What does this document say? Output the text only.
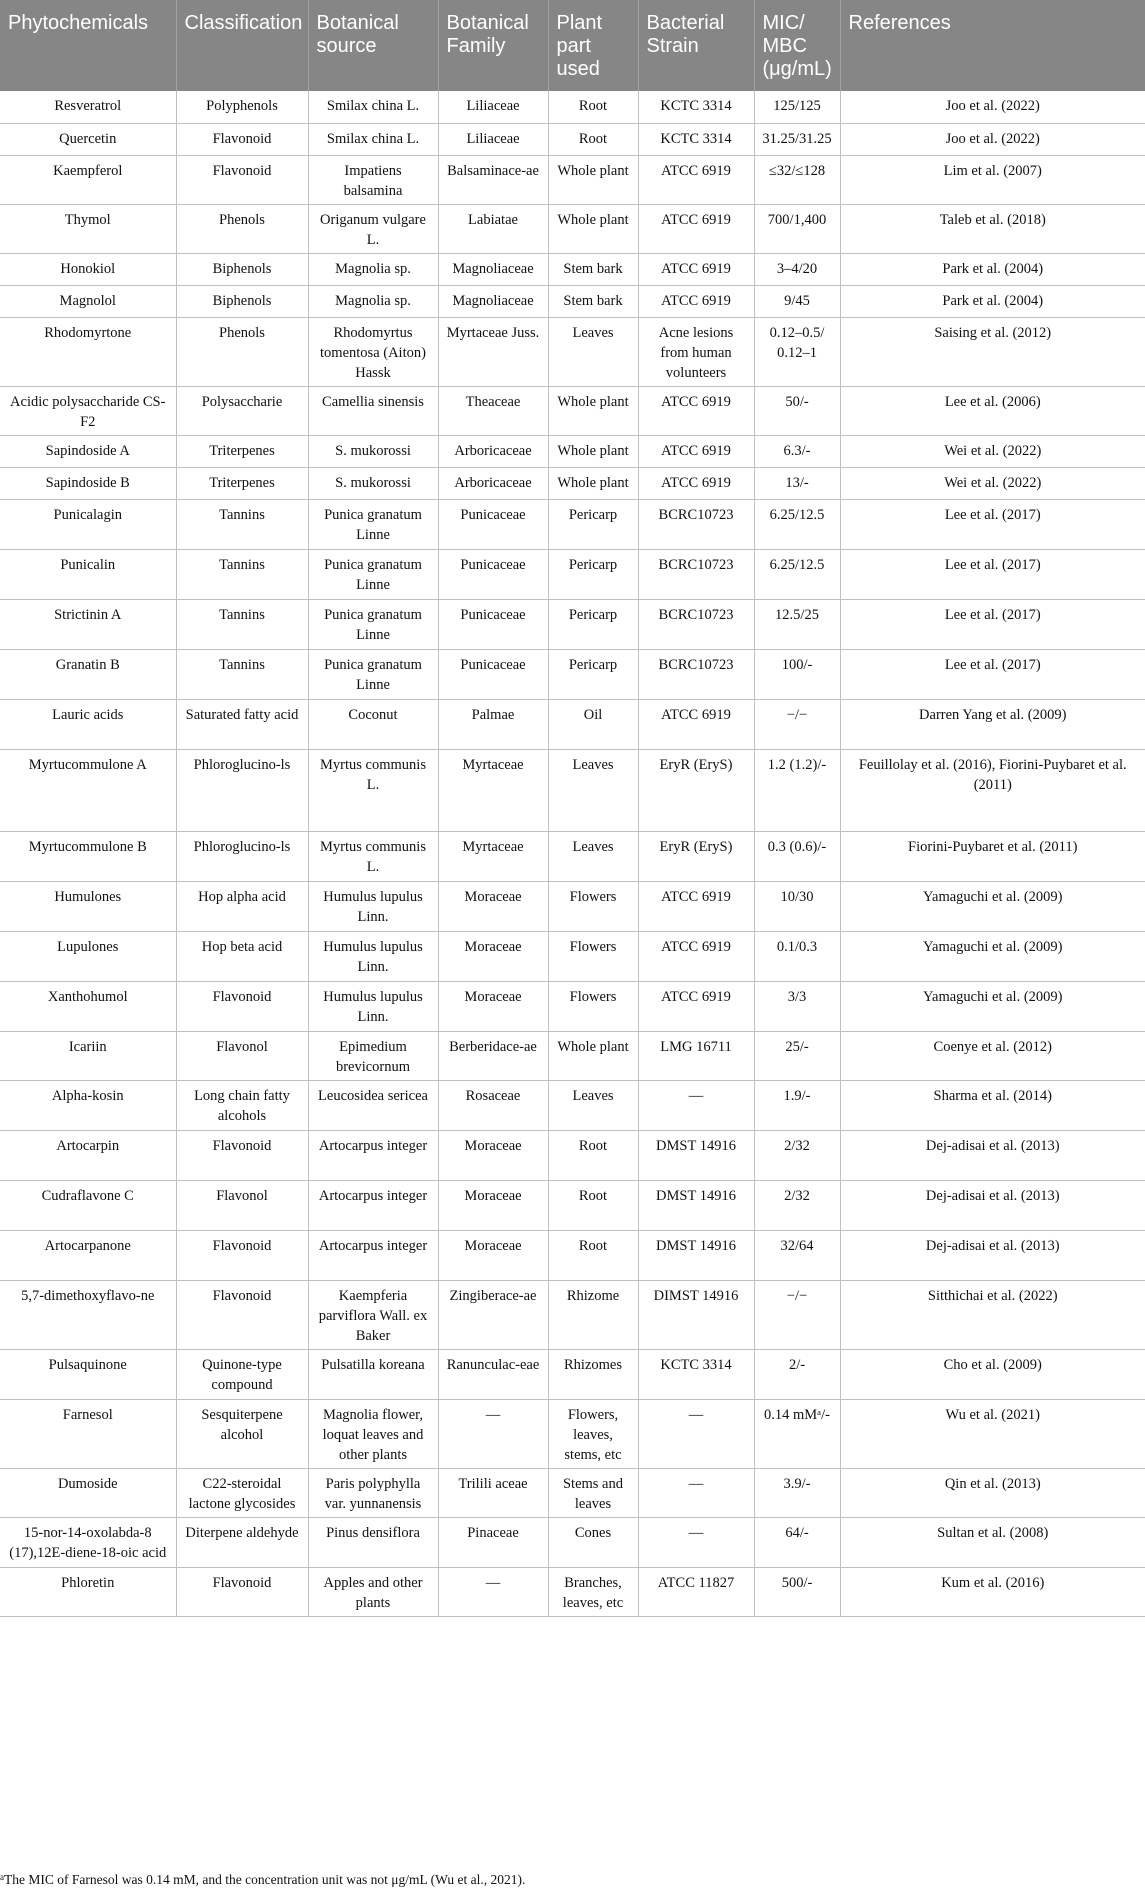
Phytochemicals	Classification	Botanical source	Botanical Family	Plant part used	Bacterial Strain	MIC/ MBC (μg/mL)	References
Resveratrol	Polyphenols	Smilax china L.	Liliaceae	Root	KCTC 3314	125/125	Joo et al. (2022)
Quercetin	Flavonoid	Smilax china L.	Liliaceae	Root	KCTC 3314	31.25/31.25	Joo et al. (2022)
Kaempferol	Flavonoid	Impatiens balsamina	Balsaminace-ae	Whole plant	ATCC 6919	≤32/≤128	Lim et al. (2007)
Thymol	Phenols	Origanum vulgare L.	Labiatae	Whole plant	ATCC 6919	700/1,400	Taleb et al. (2018)
Honokiol	Biphenols	Magnolia sp.	Magnoliaceae	Stem bark	ATCC 6919	3–4/20	Park et al. (2004)
Magnolol	Biphenols	Magnolia sp.	Magnoliaceae	Stem bark	ATCC 6919	9/45	Park et al. (2004)
Rhodomyrtone	Phenols	Rhodomyrtus tomentosa (Aiton) Hassk	Myrtaceae Juss.	Leaves	Acne lesions from human volunteers	0.12–0.5/ 0.12–1	Saising et al. (2012)
Acidic polysaccharide CS-F2	Polysaccharie	Camellia sinensis	Theaceae	Whole plant	ATCC 6919	50/-	Lee et al. (2006)
Sapindoside A	Triterpenes	S. mukorossi	Arboricaceae	Whole plant	ATCC 6919	6.3/-	Wei et al. (2022)
Sapindoside B	Triterpenes	S. mukorossi	Arboricaceae	Whole plant	ATCC 6919	13/-	Wei et al. (2022)
Punicalagin	Tannins	Punica granatum Linne	Punicaceae	Pericarp	BCRC10723	6.25/12.5	Lee et al. (2017)
Punicalin	Tannins	Punica granatum Linne	Punicaceae	Pericarp	BCRC10723	6.25/12.5	Lee et al. (2017)
Strictinin A	Tannins	Punica granatum Linne	Punicaceae	Pericarp	BCRC10723	12.5/25	Lee et al. (2017)
Granatin B	Tannins	Punica granatum Linne	Punicaceae	Pericarp	BCRC10723	100/-	Lee et al. (2017)
Lauric acids	Saturated fatty acid	Coconut	Palmae	Oil	ATCC 6919	−/−	Darren Yang et al. (2009)
Myrtucommulone A	Phloroglucino-ls	Myrtus communis L.	Myrtaceae	Leaves	EryR (EryS)	1.2 (1.2)/-	Feuillolay et al. (2016), Fiorini-Puybaret et al. (2011)
Myrtucommulone B	Phloroglucino-ls	Myrtus communis L.	Myrtaceae	Leaves	EryR (EryS)	0.3 (0.6)/-	Fiorini-Puybaret et al. (2011)
Humulones	Hop alpha acid	Humulus lupulus Linn.	Moraceae	Flowers	ATCC 6919	10/30	Yamaguchi et al. (2009)
Lupulones	Hop beta acid	Humulus lupulus Linn.	Moraceae	Flowers	ATCC 6919	0.1/0.3	Yamaguchi et al. (2009)
Xanthohumol	Flavonoid	Humulus lupulus Linn.	Moraceae	Flowers	ATCC 6919	3/3	Yamaguchi et al. (2009)
Icariin	Flavonol	Epimedium brevicornum	Berberidace-ae	Whole plant	LMG 16711	25/-	Coenye et al. (2012)
Alpha-kosin	Long chain fatty alcohols	Leucosidea sericea	Rosaceae	Leaves	—	1.9/-	Sharma et al. (2014)
Artocarpin	Flavonoid	Artocarpus integer	Moraceae	Root	DMST 14916	2/32	Dej-adisai et al. (2013)
Cudraflavone C	Flavonol	Artocarpus integer	Moraceae	Root	DMST 14916	2/32	Dej-adisai et al. (2013)
Artocarpanone	Flavonoid	Artocarpus integer	Moraceae	Root	DMST 14916	32/64	Dej-adisai et al. (2013)
5,7-dimethoxyflavo-ne	Flavonoid	Kaempferia parviflora Wall. ex Baker	Zingiberace-ae	Rhizome	DIMST 14916	−/−	Sitthichai et al. (2022)
Pulsaquinone	Quinone-type compound	Pulsatilla koreana	Ranunculac-eae	Rhizomes	KCTC 3314	2/-	Cho et al. (2009)
Farnesol	Sesquiterpene alcohol	Magnolia flower, loquat leaves and other plants	—	Flowers, leaves, stems, etc	—	0.14 mMᵃ/-	Wu et al. (2021)
Dumoside	C22-steroidal lactone glycosides	Paris polyphylla var. yunnanensis	Trilili aceae	Stems and leaves	—	3.9/-	Qin et al. (2013)
15-nor-14-oxolabda-8 (17),12E-diene-18-oic acid	Diterpene aldehyde	Pinus densiflora	Pinaceae	Cones	—	64/-	Sultan et al. (2008)
Phloretin	Flavonoid	Apples and other plants	—	Branches, leaves, etc	ATCC 11827	500/-	Kum et al. (2016)
$^a$The MIC of Farnesol was 0.14 mM, and the concentration unit was not μg/mL (Wu et al., 2021).
